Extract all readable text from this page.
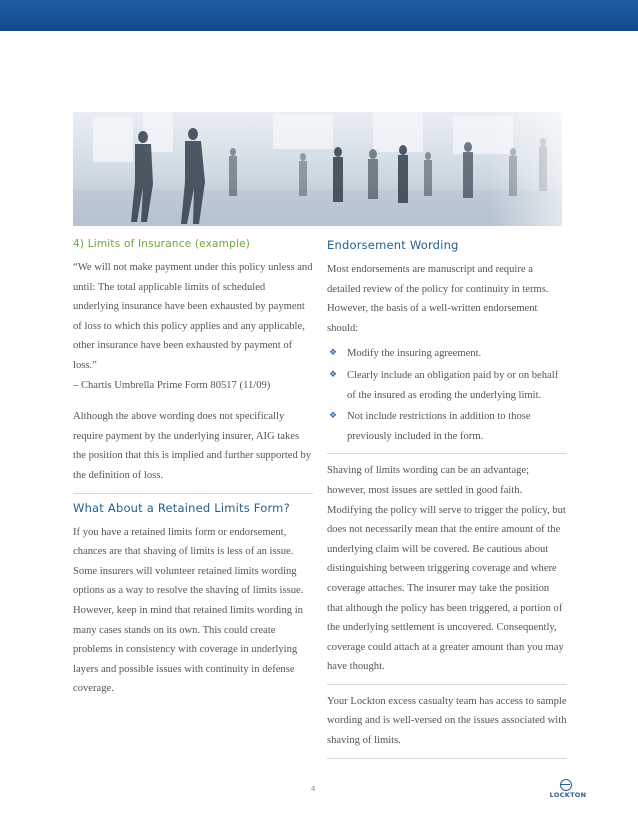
4) Limits of Insurance (example)

“We will not make payment under this policy unless and until: The total applicable limits of scheduled underlying insurance have been exhausted by payment of loss to which this policy applies and any applicable, other insurance have been exhausted by payment of loss.”

– Chartis Umbrella Prime Form 80517 (11/09)

Although the above wording does not specifically require payment by the underlying insurer, AIG takes the position that this is implied and further supported by the definition of loss.

What About a Retained Limits Form?

If you have a retained limits form or endorsement, chances are that shaving of limits is less of an issue. Some insurers will volunteer retained limits wording options as a way to resolve the shaving of limits issue. However, keep in mind that retained limits wording in many cases stands on its own. This could create problems in consistency with coverage in underlying layers and possible issues with continuity in defense coverage.

Endorsement Wording

Most endorsements are manuscript and require a detailed review of the policy for continuity in terms. However, the basis of a well-written endorsement should:

❖ Modify the insuring agreement.
❖ Clearly include an obligation paid by or on behalf of the insured as eroding the underlying limit.
❖ Not include restrictions in addition to those previously included in the form.

Shaving of limits wording can be an advantage; however, most issues are settled in good faith. Modifying the policy will serve to trigger the policy, but does not necessarily mean that the entire amount of the underlying claim will be covered. Be cautious about distinguishing between triggering coverage and where coverage attaches. The insurer may take the position that although the policy has been triggered, a portion of the underlying settlement is uncovered. Consequently, coverage could attach at a greater amount than you may have thought.

Your Lockton excess casualty team has access to sample wording and is well-versed on the issues associated with shaving of limits.

4
LOCKTON
